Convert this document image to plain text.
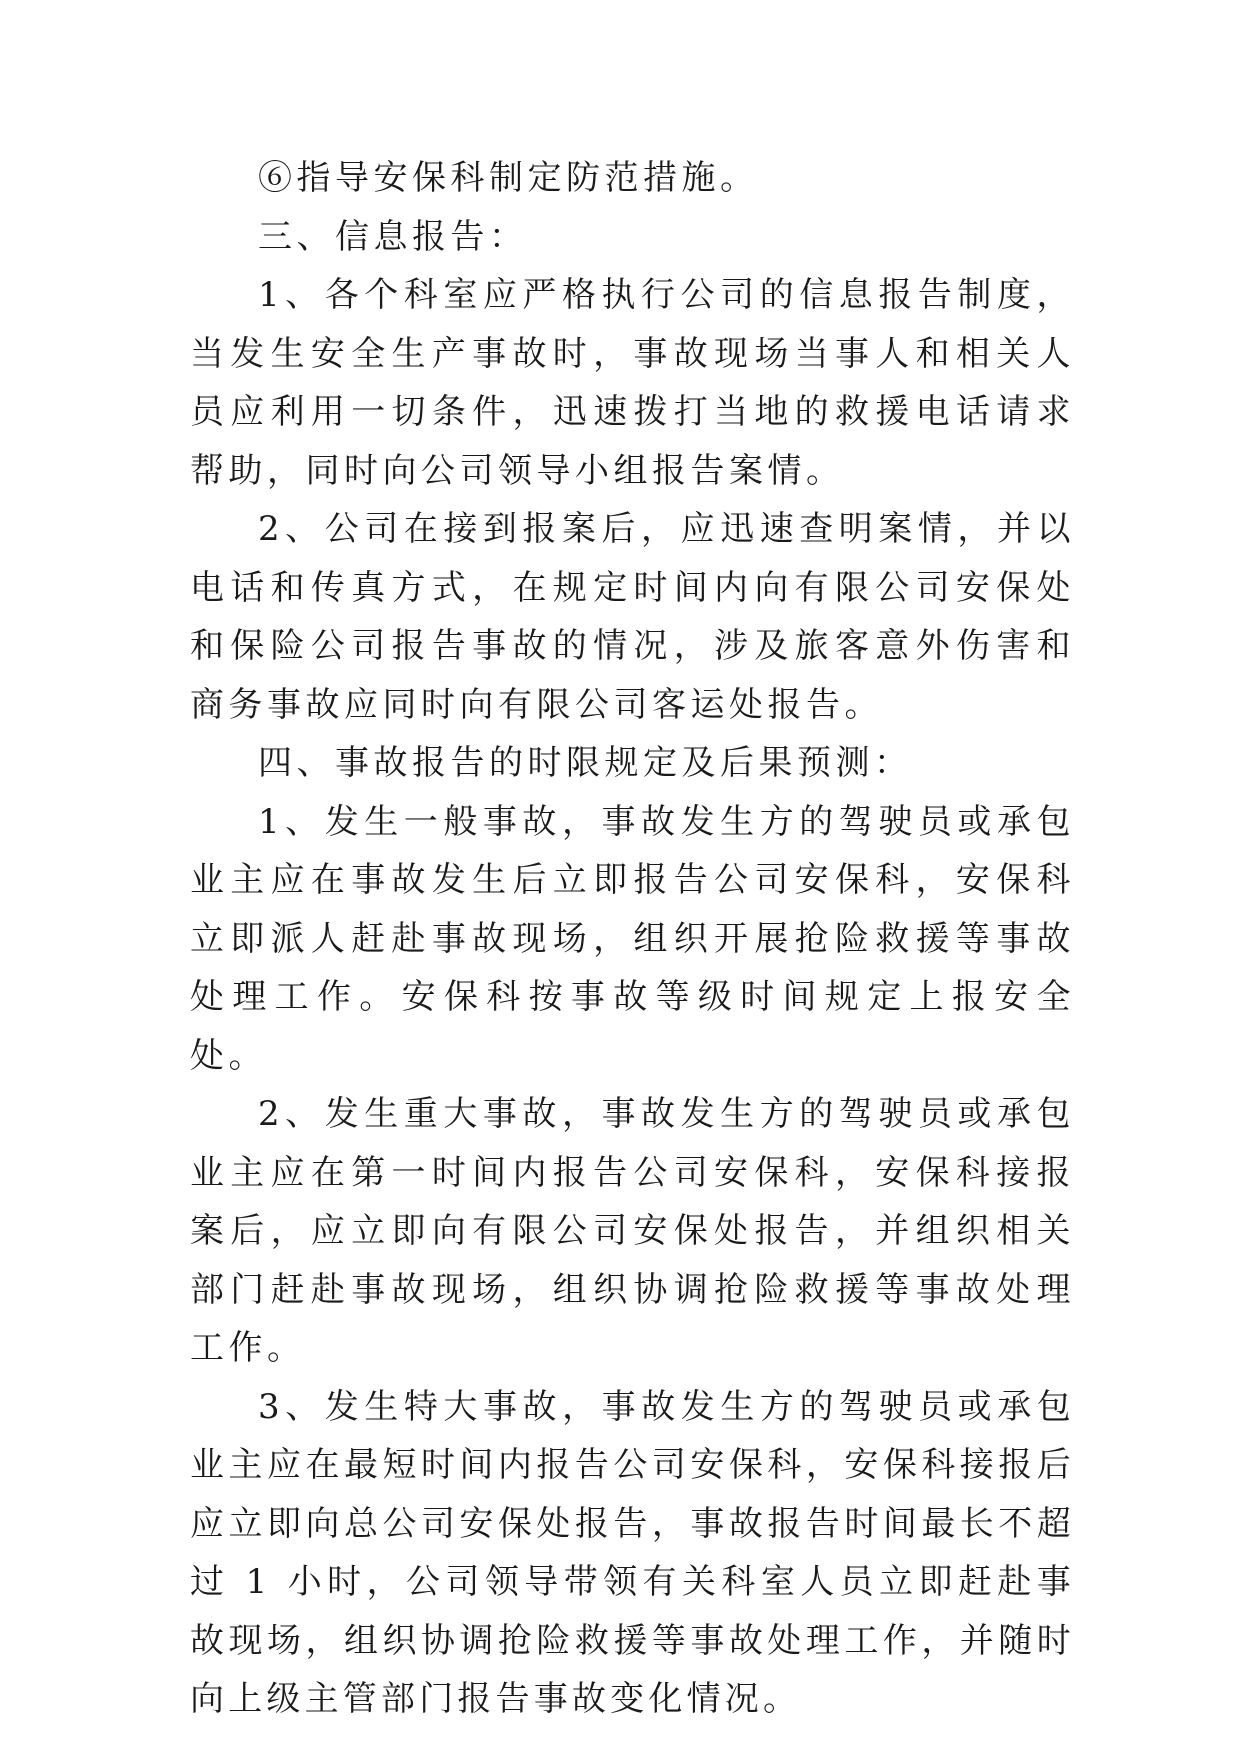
⑥指导安保科制定防范措施。

三、信息报告：

1、各个科室应严格执行公司的信息报告制度，当发生安全生产事故时，事故现场当事人和相关人员应利用一切条件，迅速拨打当地的救援电话请求帮助，同时向公司领导小组报告案情。

2、公司在接到报案后，应迅速查明案情，并以电话和传真方式，在规定时间内向有限公司安保处和保险公司报告事故的情况，涉及旅客意外伤害和商务事故应同时向有限公司客运处报告。

四、事故报告的时限规定及后果预测：

1、发生一般事故，事故发生方的驾驶员或承包业主应在事故发生后立即报告公司安保科，安保科立即派人赶赴事故现场，组织开展抢险救援等事故处理工作。安保科按事故等级时间规定上报安全处。

2、发生重大事故，事故发生方的驾驶员或承包业主应在第一时间内报告公司安保科，安保科接报案后，应立即向有限公司安保处报告，并组织相关部门赶赴事故现场，组织协调抢险救援等事故处理工作。

3、发生特大事故，事故发生方的驾驶员或承包业主应在最短时间内报告公司安保科，安保科接报后应立即向总公司安保处报告，事故报告时间最长不超过 1 小时，公司领导带领有关科室人员立即赶赴事故现场，组织协调抢险救援等事故处理工作，并随时向上级主管部门报告事故变化情况。
